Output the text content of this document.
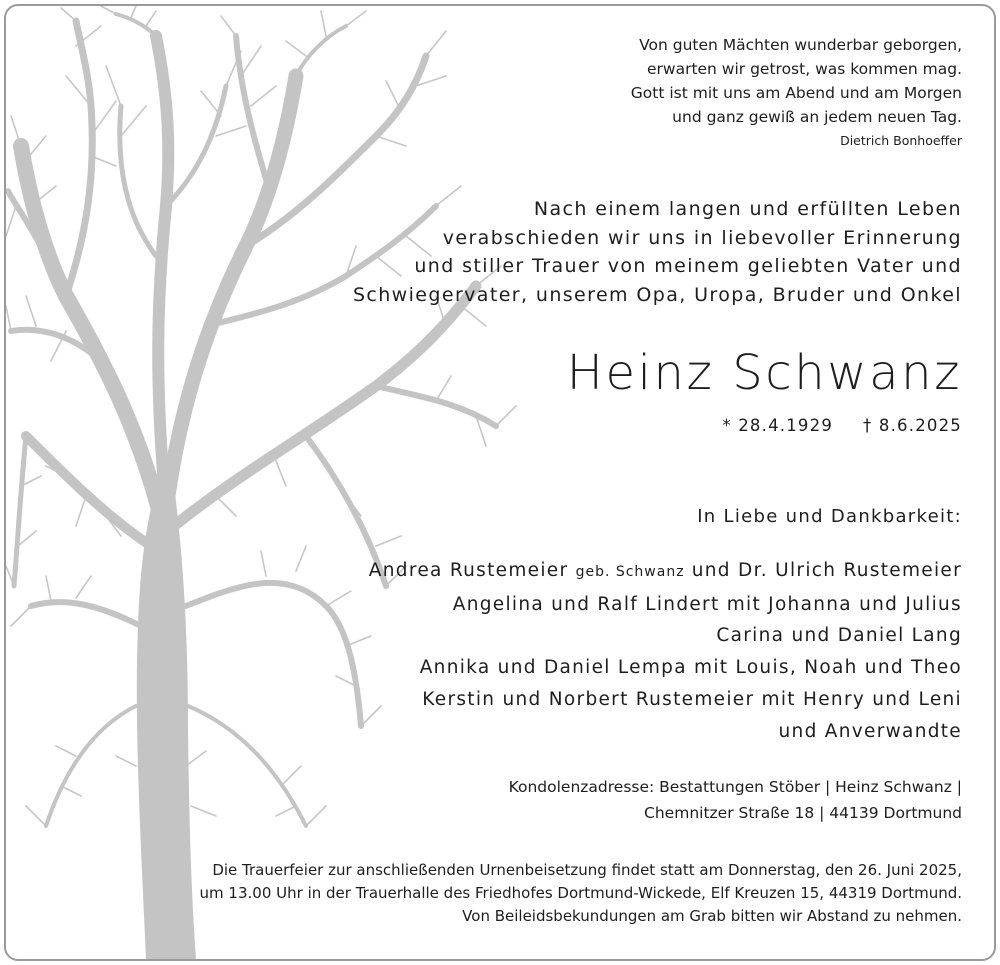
Von guten Mächten wunderbar geborgen,
erwarten wir getrost, was kommen mag.
Gott ist mit uns am Abend und am Morgen
und ganz gewiß an jedem neuen Tag.
Dietrich Bonhoeffer
Nach einem langen und erfüllten Leben
verabschieden wir uns in liebevoller Erinnerung
und stiller Trauer von meinem geliebten Vater und
Schwiegervater, unserem Opa, Uropa, Bruder und Onkel
Heinz Schwanz
* 28.4.1929 † 8.6.2025
In Liebe und Dankbarkeit:
Andrea Rustemeier geb. Schwanz und Dr. Ulrich Rustemeier
Angelina und Ralf Lindert mit Johanna und Julius
Carina und Daniel Lang
Annika und Daniel Lempa mit Louis, Noah und Theo
Kerstin und Norbert Rustemeier mit Henry und Leni
und Anverwandte
Kondolenzadresse: Bestattungen Stöber | Heinz Schwanz |
Chemnitzer Straße 18 | 44139 Dortmund
Die Trauerfeier zur anschließenden Urnenbeisetzung findet statt am Donnerstag, den 26. Juni 2025,
um 13.00 Uhr in der Trauerhalle des Friedhofes Dortmund-Wickede, Elf Kreuzen 15, 44319 Dortmund.
Von Beileidsbekundungen am Grab bitten wir Abstand zu nehmen.
